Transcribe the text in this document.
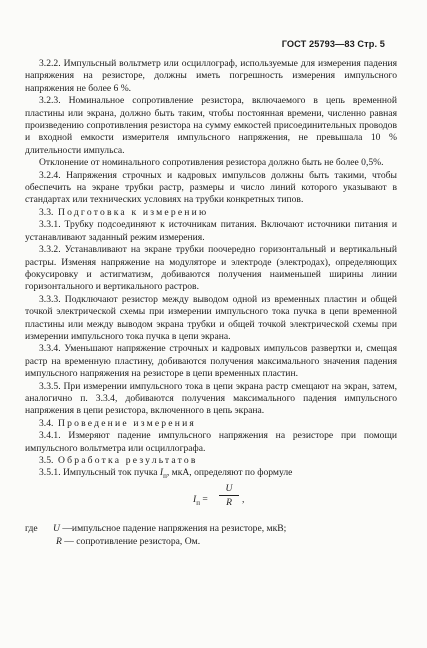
ГОСТ 25793—83 Стр. 5

3.2.2. Импульсный вольтметр или осциллограф, используемые для измерения падения напряжения на резисторе, должны иметь погрешность измерения импульсного напряжения не более 6 %.

3.2.3. Номинальное сопротивление резистора, включаемого в цепь временной пластины или экрана, должно быть таким, чтобы постоянная времени, численно равная произведению сопротивления резистора на сумму емкостей присоединительных проводов и входной емкости измерителя импульсного напряжения, не превышала 10 % длительности импульса.

Отклонение от номинального сопротивления резистора должно быть не более 0,5%.

3.2.4. Напряжения строчных и кадровых импульсов должны быть такими, чтобы обеспечить на экране трубки растр, размеры и число линий которого указывают в стандартах или технических условиях на трубки конкретных типов.

3.3. Подготовка к измерению

3.3.1. Трубку подсоединяют к источникам питания. Включают источники питания и устанавливают заданный режим измерения.

3.3.2. Устанавливают на экране трубки поочередно горизонтальный и вертикальный растры. Изменяя напряжение на модуляторе и электроде (электродах), определяющих фокусировку и астигматизм, добиваются получения наименьшей ширины линии горизонтального и вертикального растров.

3.3.3. Подключают резистор между выводом одной из временных пластин и общей точкой электрической схемы при измерении импульсного тока пучка в цепи временной пластины или между выводом экрана трубки и общей точкой электрической схемы при измерении импульсного тока пучка в цепи экрана.

3.3.4. Уменьшают напряжение строчных и кадровых импульсов развертки и, смещая растр на временную пластину, добиваются получения максимального значения падения импульсного напряжения на резисторе в цепи временных пластин.

3.3.5. При измерении импульсного тока в цепи экрана растр смещают на экран, затем, аналогично п. 3.3.4, добиваются получения максимального падения импульсного напряжения в цепи резистора, включенного в цепь экрана.

3.4. Проведение измерения

3.4.1. Измеряют падение импульсного напряжения на резисторе при помощи импульсного вольтметра или осциллографа.

3.5. Обработка результатов

3.5.1. Импульсный ток пучка $I_п$, мкА, определяют по формуле

$I_п = \frac{U}{R}$ ,
где U —импульсное падение напряжения на резисторе, мкВ;
R — сопротивление резистора, Ом.
